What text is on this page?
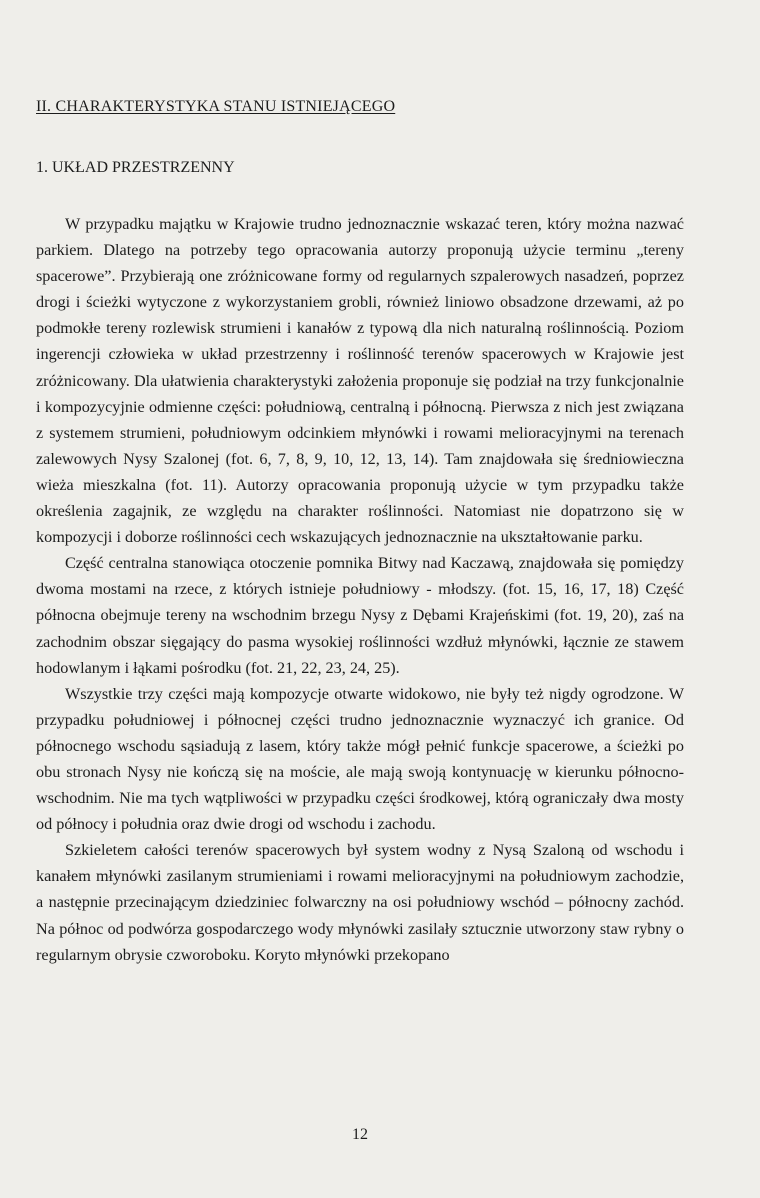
II. CHARAKTERYSTYKA STANU ISTNIEJĄCEGO
1. UKŁAD PRZESTRZENNY

W przypadku majątku w Krajowie trudno jednoznacznie wskazać teren, który można nazwać parkiem. Dlatego na potrzeby tego opracowania autorzy proponują użycie terminu „tereny spacerowe”. Przybierają one zróżnicowane formy od regularnych szpalerowych nasadzeń, poprzez drogi i ścieżki wytyczone z wykorzystaniem grobli, również liniowo obsadzone drzewami, aż po podmokłe tereny rozlewisk strumieni i kanałów z typową dla nich naturalną roślinnością. Poziom ingerencji człowieka w układ przestrzenny i roślinność terenów spacerowych w Krajowie jest zróżnicowany. Dla ułatwienia charakterystyki założenia proponuje się podział na trzy funkcjonalnie i kompozycyjnie odmienne części: południową, centralną i północną. Pierwsza z nich jest związana z systemem strumieni, południowym odcinkiem młynówki i rowami melioracyjnymi na terenach zalewowych Nysy Szalonej (fot. 6, 7, 8, 9, 10, 12, 13, 14). Tam znajdowała się średniowieczna wieża mieszkalna (fot. 11). Autorzy opracowania proponują użycie w tym przypadku także określenia zagajnik, ze względu na charakter roślinności. Natomiast nie dopatrzono się w kompozycji i doborze roślinności cech wskazujących jednoznacznie na ukształtowanie parku.

Część centralna stanowiąca otoczenie pomnika Bitwy nad Kaczawą, znajdowała się pomiędzy dwoma mostami na rzece, z których istnieje południowy - młodszy. (fot. 15, 16, 17, 18) Część północna obejmuje tereny na wschodnim brzegu Nysy z Dębami Krajeńskimi (fot. 19, 20), zaś na zachodnim obszar sięgający do pasma wysokiej roślinności wzdłuż młynówki, łącznie ze stawem hodowlanym i łąkami pośrodku (fot. 21, 22, 23, 24, 25).

Wszystkie trzy części mają kompozycje otwarte widokowo, nie były też nigdy ogrodzone. W przypadku południowej i północnej części trudno jednoznacznie wyznaczyć ich granice. Od północnego wschodu sąsiadują z lasem, który także mógł pełnić funkcje spacerowe, a ścieżki po obu stronach Nysy nie kończą się na moście, ale mają swoją kontynuację w kierunku północno-wschodnim. Nie ma tych wątpliwości w przypadku części środkowej, którą ograniczały dwa mosty od północy i południa oraz dwie drogi od wschodu i zachodu.

Szkieletem całości terenów spacerowych był system wodny z Nysą Szaloną od wschodu i kanałem młynówki zasilanym strumieniami i rowami melioracyjnymi na południowym zachodzie, a następnie przecinającym dziedziniec folwarczny na osi południowy wschód – północny zachód. Na północ od podwórza gospodarczego wody młynówki zasilały sztucznie utworzony staw rybny o regularnym obrysie czworoboku. Koryto młynówki przekopano

12
